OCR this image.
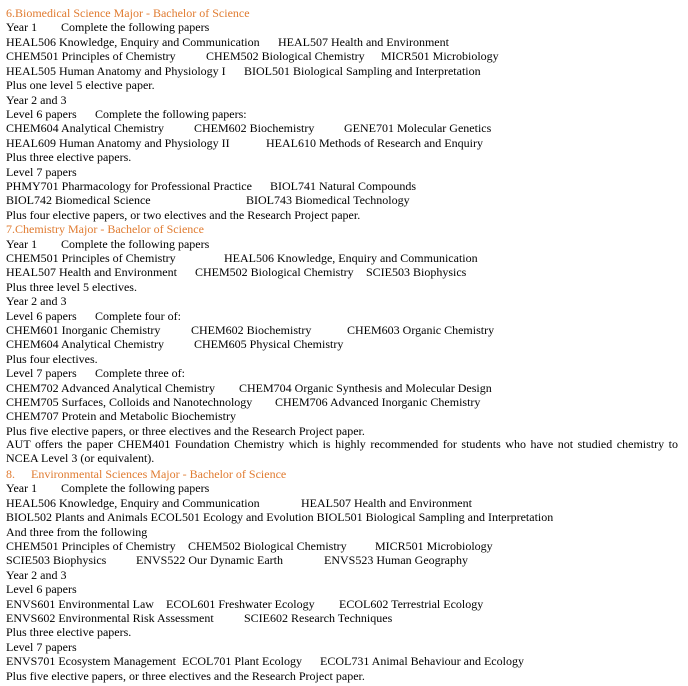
6.Biomedical Science Major - Bachelor of Science
Year 1 Complete the following papers
HEAL506 Knowledge, Enquiry and Communication HEAL507 Health and Environment
CHEM501 Principles of Chemistry	CHEM502 Biological Chemistry MICR501 Microbiology
HEAL505 Human Anatomy and Physiology I BIOL501 Biological Sampling and Interpretation
Plus one level 5 elective paper.
Year 2 and 3
Level 6 papers Complete the following papers:
CHEM604 Analytical Chemistry	CHEM602 Biochemistry GENE701 Molecular Genetics
HEAL609 Human Anatomy and Physiology II	HEAL610 Methods of Research and Enquiry
Plus three elective papers.
Level 7 papers
PHMY701 Pharmacology for Professional Practice BIOL741 Natural Compounds
BIOL742 Biomedical Science	BIOL743 Biomedical Technology
Plus four elective papers, or two electives and the Research Project paper.
7.Chemistry Major - Bachelor of Science
Year 1 Complete the following papers
CHEM501 Principles of Chemistry	HEAL506 Knowledge, Enquiry and Communication
HEAL507 Health and Environment CHEM502 Biological Chemistry SCIE503 Biophysics
Plus three level 5 electives.
Year 2 and 3
Level 6 papers Complete four of:
CHEM601 Inorganic Chemistry	CHEM602 Biochemistry	CHEM603 Organic Chemistry
CHEM604 Analytical Chemistry	CHEM605 Physical Chemistry
Plus four electives.
Level 7 papers Complete three of:
CHEM702 Advanced Analytical Chemistry CHEM704 Organic Synthesis and Molecular Design
CHEM705 Surfaces, Colloids and Nanotechnology CHEM706 Advanced Inorganic Chemistry
CHEM707 Protein and Metabolic Biochemistry
Plus five elective papers, or three electives and the Research Project paper.
AUT offers the paper CHEM401 Foundation Chemistry which is highly recommended for students who have not studied chemistry to NCEA Level 3 (or equivalent).
8. Environmental Sciences Major - Bachelor of Science
Year 1 Complete the following papers
HEAL506 Knowledge, Enquiry and Communication	HEAL507 Health and Environment
BIOL502 Plants and Animals ECOL501 Ecology and Evolution BIOL501 Biological Sampling and Interpretation
And three from the following
CHEM501 Principles of Chemistry CHEM502 Biological Chemistry MICR501 Microbiology
SCIE503 Biophysics ENVS522 Our Dynamic Earth	ENVS523 Human Geography
Year 2 and 3
Level 6 papers
ENVS601 Environmental Law ECOL601 Freshwater Ecology ECOL602 Terrestrial Ecology
ENVS602 Environmental Risk Assessment	SCIE602 Research Techniques
Plus three elective papers.
Level 7 papers
ENVS701 Ecosystem Management ECOL701 Plant Ecology ECOL731 Animal Behaviour and Ecology
Plus five elective papers, or three electives and the Research Project paper.
